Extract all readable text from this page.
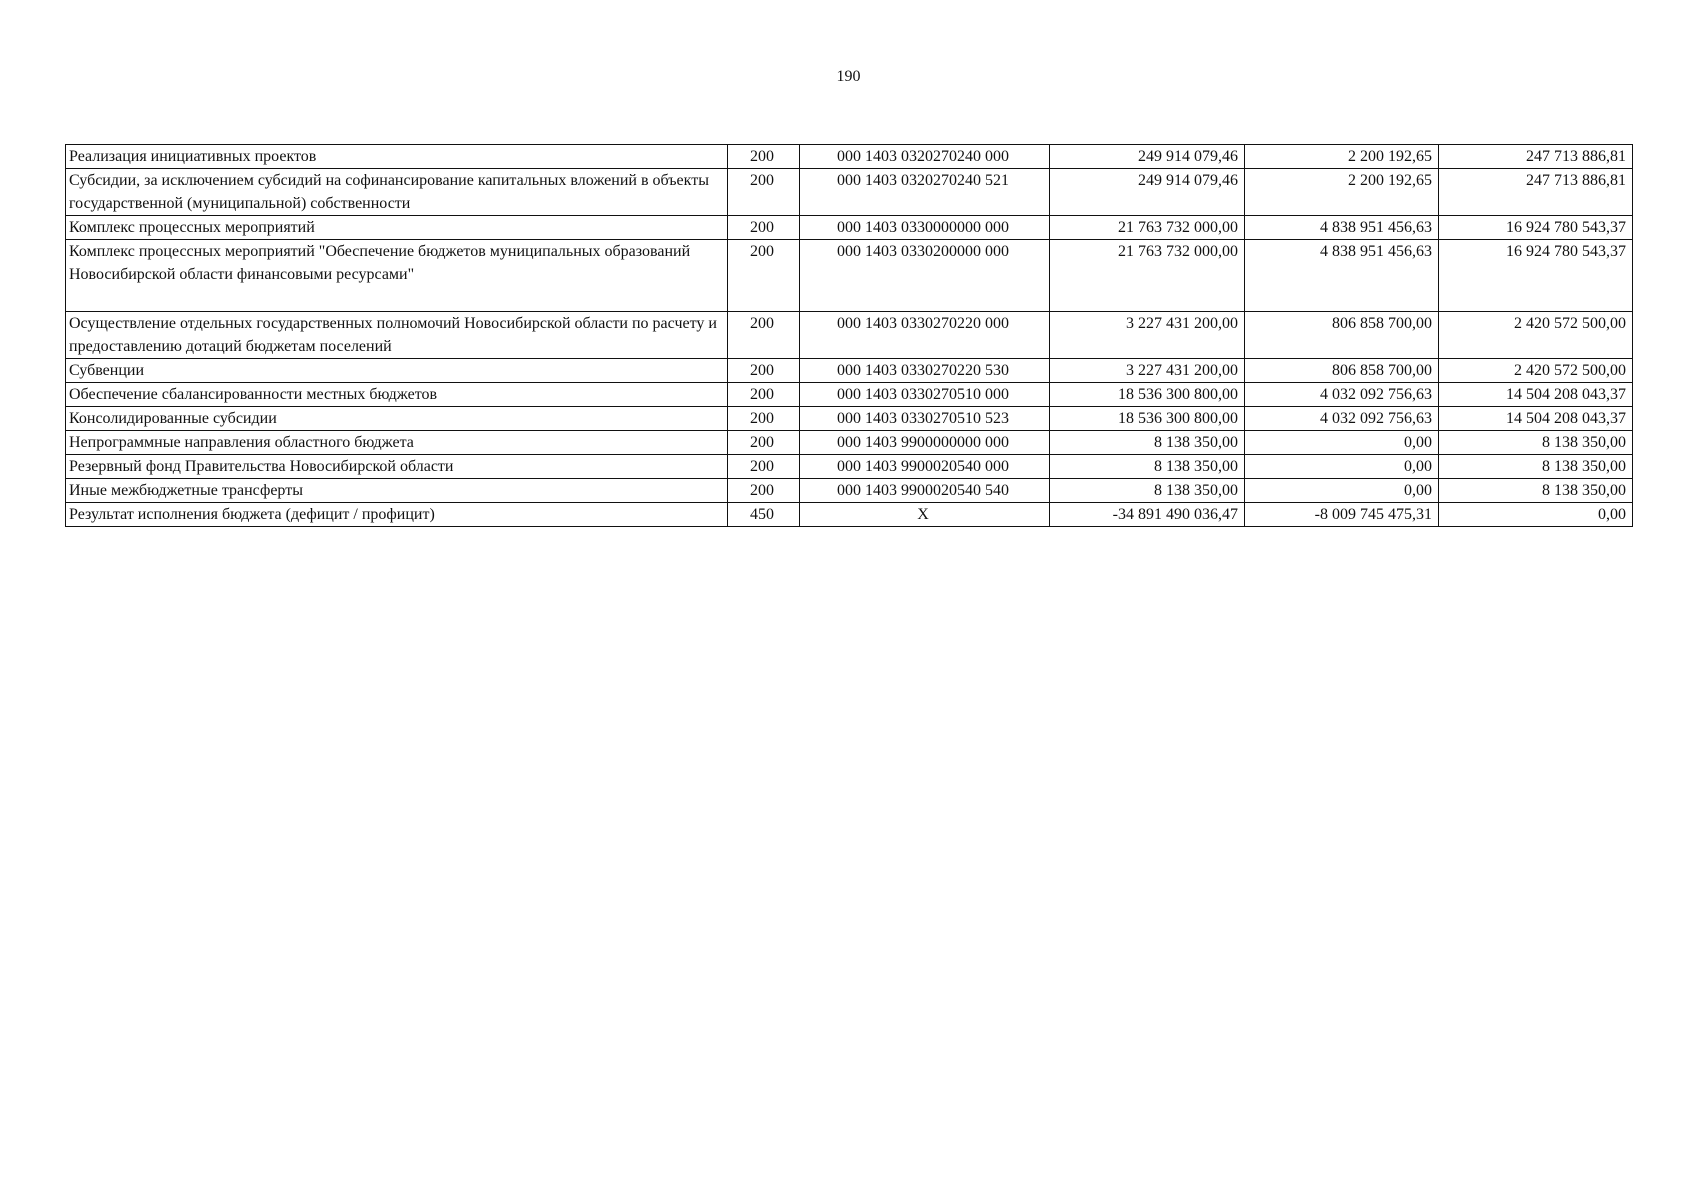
190
Реализация инициативных проектов	200	000 1403 0320270240 000	249 914 079,46	2 200 192,65	247 713 886,81
Субсидии, за исключением субсидий на софинансирование капитальных вложений в объекты государственной (муниципальной) собственности	200	000 1403 0320270240 521	249 914 079,46	2 200 192,65	247 713 886,81
Комплекс процессных мероприятий	200	000 1403 0330000000 000	21 763 732 000,00	4 838 951 456,63	16 924 780 543,37
Комплекс процессных мероприятий "Обеспечение бюджетов муниципальных образований Новосибирской области финансовыми ресурсами"	200	000 1403 0330200000 000	21 763 732 000,00	4 838 951 456,63	16 924 780 543,37
Осуществление отдельных государственных полномочий Новосибирской области по расчету и предоставлению дотаций бюджетам поселений	200	000 1403 0330270220 000	3 227 431 200,00	806 858 700,00	2 420 572 500,00
Субвенции	200	000 1403 0330270220 530	3 227 431 200,00	806 858 700,00	2 420 572 500,00
Обеспечение сбалансированности местных бюджетов	200	000 1403 0330270510 000	18 536 300 800,00	4 032 092 756,63	14 504 208 043,37
Консолидированные субсидии	200	000 1403 0330270510 523	18 536 300 800,00	4 032 092 756,63	14 504 208 043,37
Непрограммные направления областного бюджета	200	000 1403 9900000000 000	8 138 350,00	0,00	8 138 350,00
Резервный фонд Правительства Новосибирской области	200	000 1403 9900020540 000	8 138 350,00	0,00	8 138 350,00
Иные межбюджетные трансферты	200	000 1403 9900020540 540	8 138 350,00	0,00	8 138 350,00
Результат исполнения бюджета (дефицит / профицит)	450	X	-34 891 490 036,47	-8 009 745 475,31	0,00
